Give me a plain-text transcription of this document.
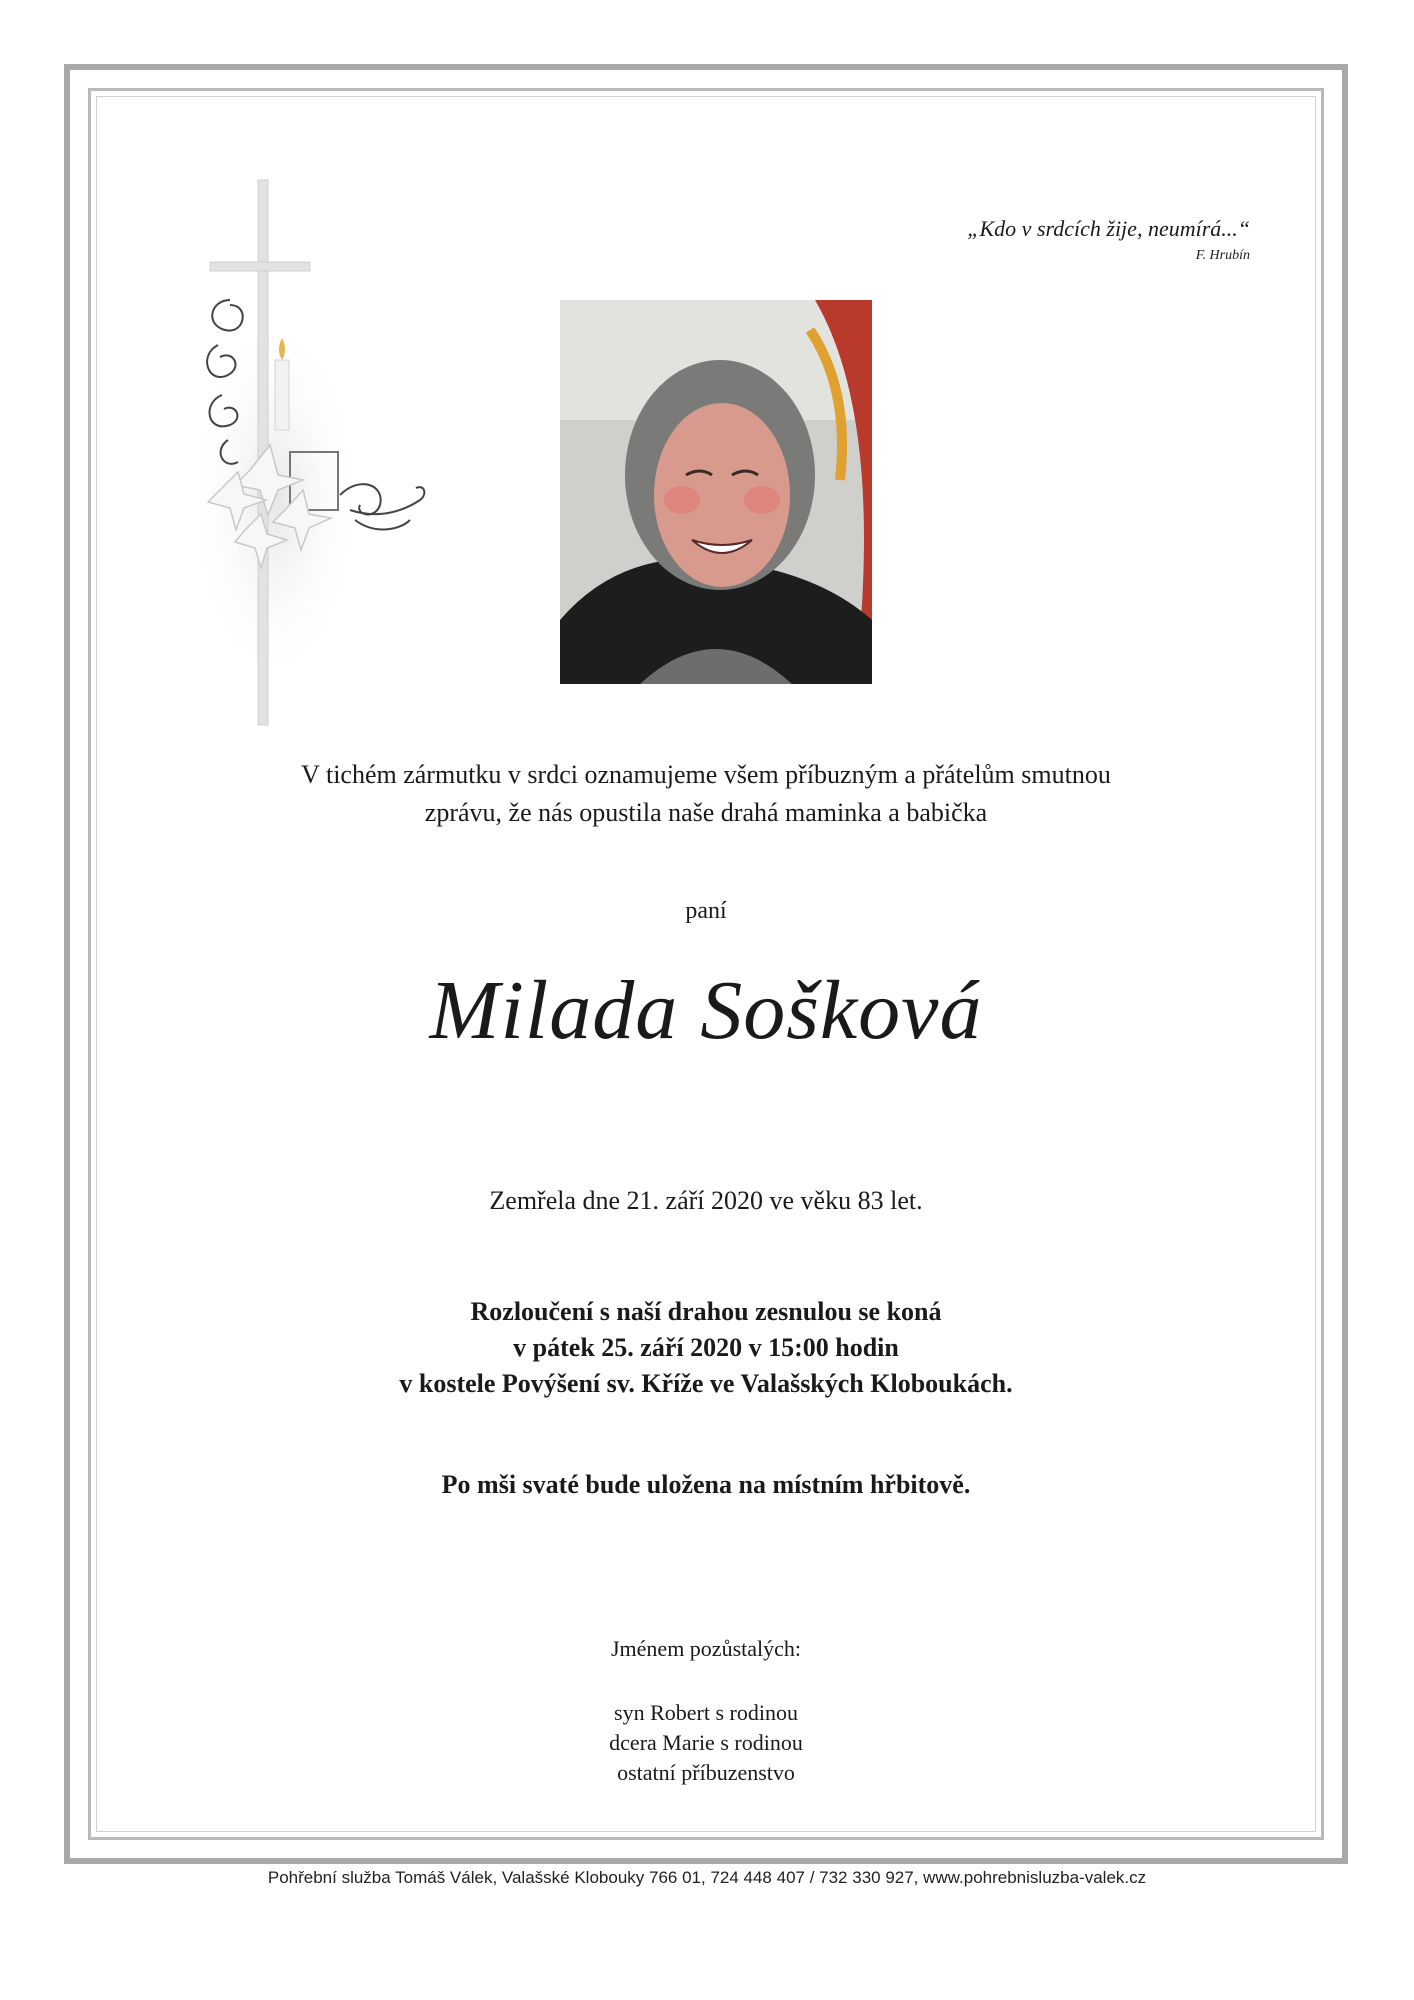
„Kdo v srdcích žije, neumírá...“
F. Hrubín
V tichém zármutku v srdci oznamujeme všem příbuzným a přátelům smutnou
zprávu, že nás opustila naše drahá maminka a babička
paní
Milada Sošková
Zemřela dne 21. září 2020 ve věku 83 let.
Rozloučení s naší drahou zesnulou se koná
v pátek 25. září 2020 v 15:00 hodin
v kostele Povýšení sv. Kříže ve Valašských Kloboukách.
Po mši svaté bude uložena na místním hřbitově.
Jménem pozůstalých:
syn Robert s rodinou
dcera Marie s rodinou
ostatní příbuzenstvo
Pohřební služba Tomáš Válek, Valašské Klobouky 766 01, 724 448 407 / 732 330 927, www.pohrebnisluzba-valek.cz
